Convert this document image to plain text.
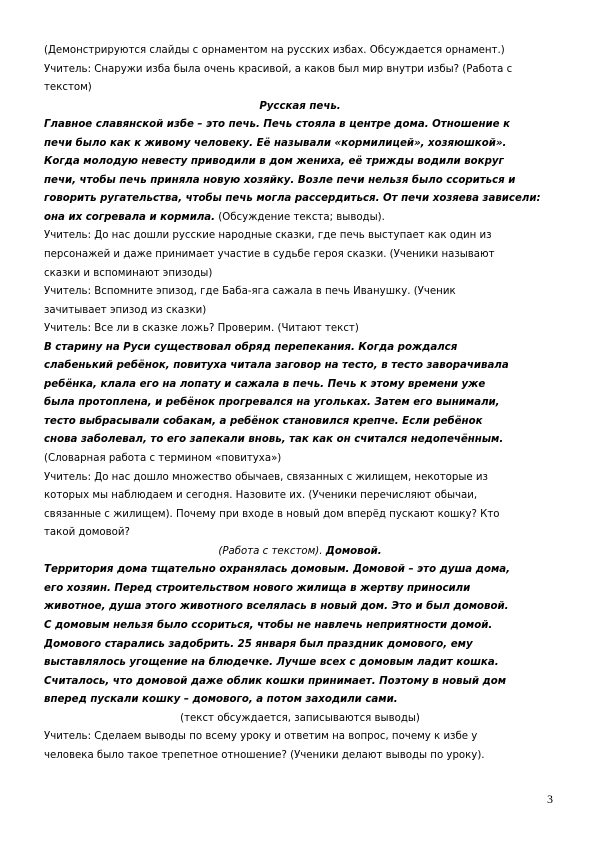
(Демонстрируются слайды с орнаментом на русских избах. Обсуждается орнамент.)
Учитель: Снаружи изба была очень красивой, а каков был мир внутри избы? (Работа с
текстом)
Русская печь.
Главное славянской избе – это печь. Печь стояла в центре дома. Отношение к
печи было как к живому человеку. Её называли «кормилицей», хозяюшкой».
Когда молодую невесту приводили в дом жениха, её трижды водили вокруг
печи, чтобы печь приняла новую хозяйку. Возле печи нельзя было ссориться и
говорить ругательства, чтобы печь могла рассердиться. От печи хозяева зависели:
она их согревала и кормила. (Обсуждение текста; выводы).
Учитель: До нас дошли русские народные сказки, где печь выступает как один из
персонажей и даже принимает участие в судьбе героя сказки. (Ученики называют
сказки и вспоминают эпизоды)
Учитель: Вспомните эпизод, где Баба-яга сажала в печь Иванушку. (Ученик
зачитывает эпизод из сказки)
Учитель: Все ли в сказке ложь? Проверим. (Читают текст)
В старину на Руси существовал обряд перепекания. Когда рождался
слабенький ребёнок, повитуха читала заговор на тесто, в тесто заворачивала
ребёнка, клала его на лопату и сажала в печь. Печь к этому времени уже
была протоплена, и ребёнок прогревался на угольках. Затем его вынимали,
тесто выбрасывали собакам, а ребёнок становился крепче. Если ребёнок
снова заболевал, то его запекали вновь, так как он считался недопечённым.
(Словарная работа с термином «повитуха»)
Учитель: До нас дошло множество обычаев, связанных с жилищем, некоторые из
которых мы наблюдаем и сегодня. Назовите их. (Ученики перечисляют обычаи,
связанные с жилищем). Почему при входе в новый дом вперёд пускают кошку? Кто
такой домовой?
(Работа с текстом). Домовой.
Территория дома тщательно охранялась домовым. Домовой – это душа дома,
его хозяин. Перед строительством нового жилища в жертву приносили
животное, душа этого животного вселялась в новый дом. Это и был домовой.
С домовым нельзя было ссориться, чтобы не навлечь неприятности домой.
Домового старались задобрить. 25 января был праздник домового, ему
выставлялось угощение на блюдечке. Лучше всех с домовым ладит кошка.
Считалось, что домовой даже облик кошки принимает. Поэтому в новый дом
вперед пускали кошку – домового, а потом заходили сами.
(текст обсуждается, записываются выводы)
Учитель: Сделаем выводы по всему уроку и ответим на вопрос, почему к избе у
человека было такое трепетное отношение? (Ученики делают выводы по уроку).
3
